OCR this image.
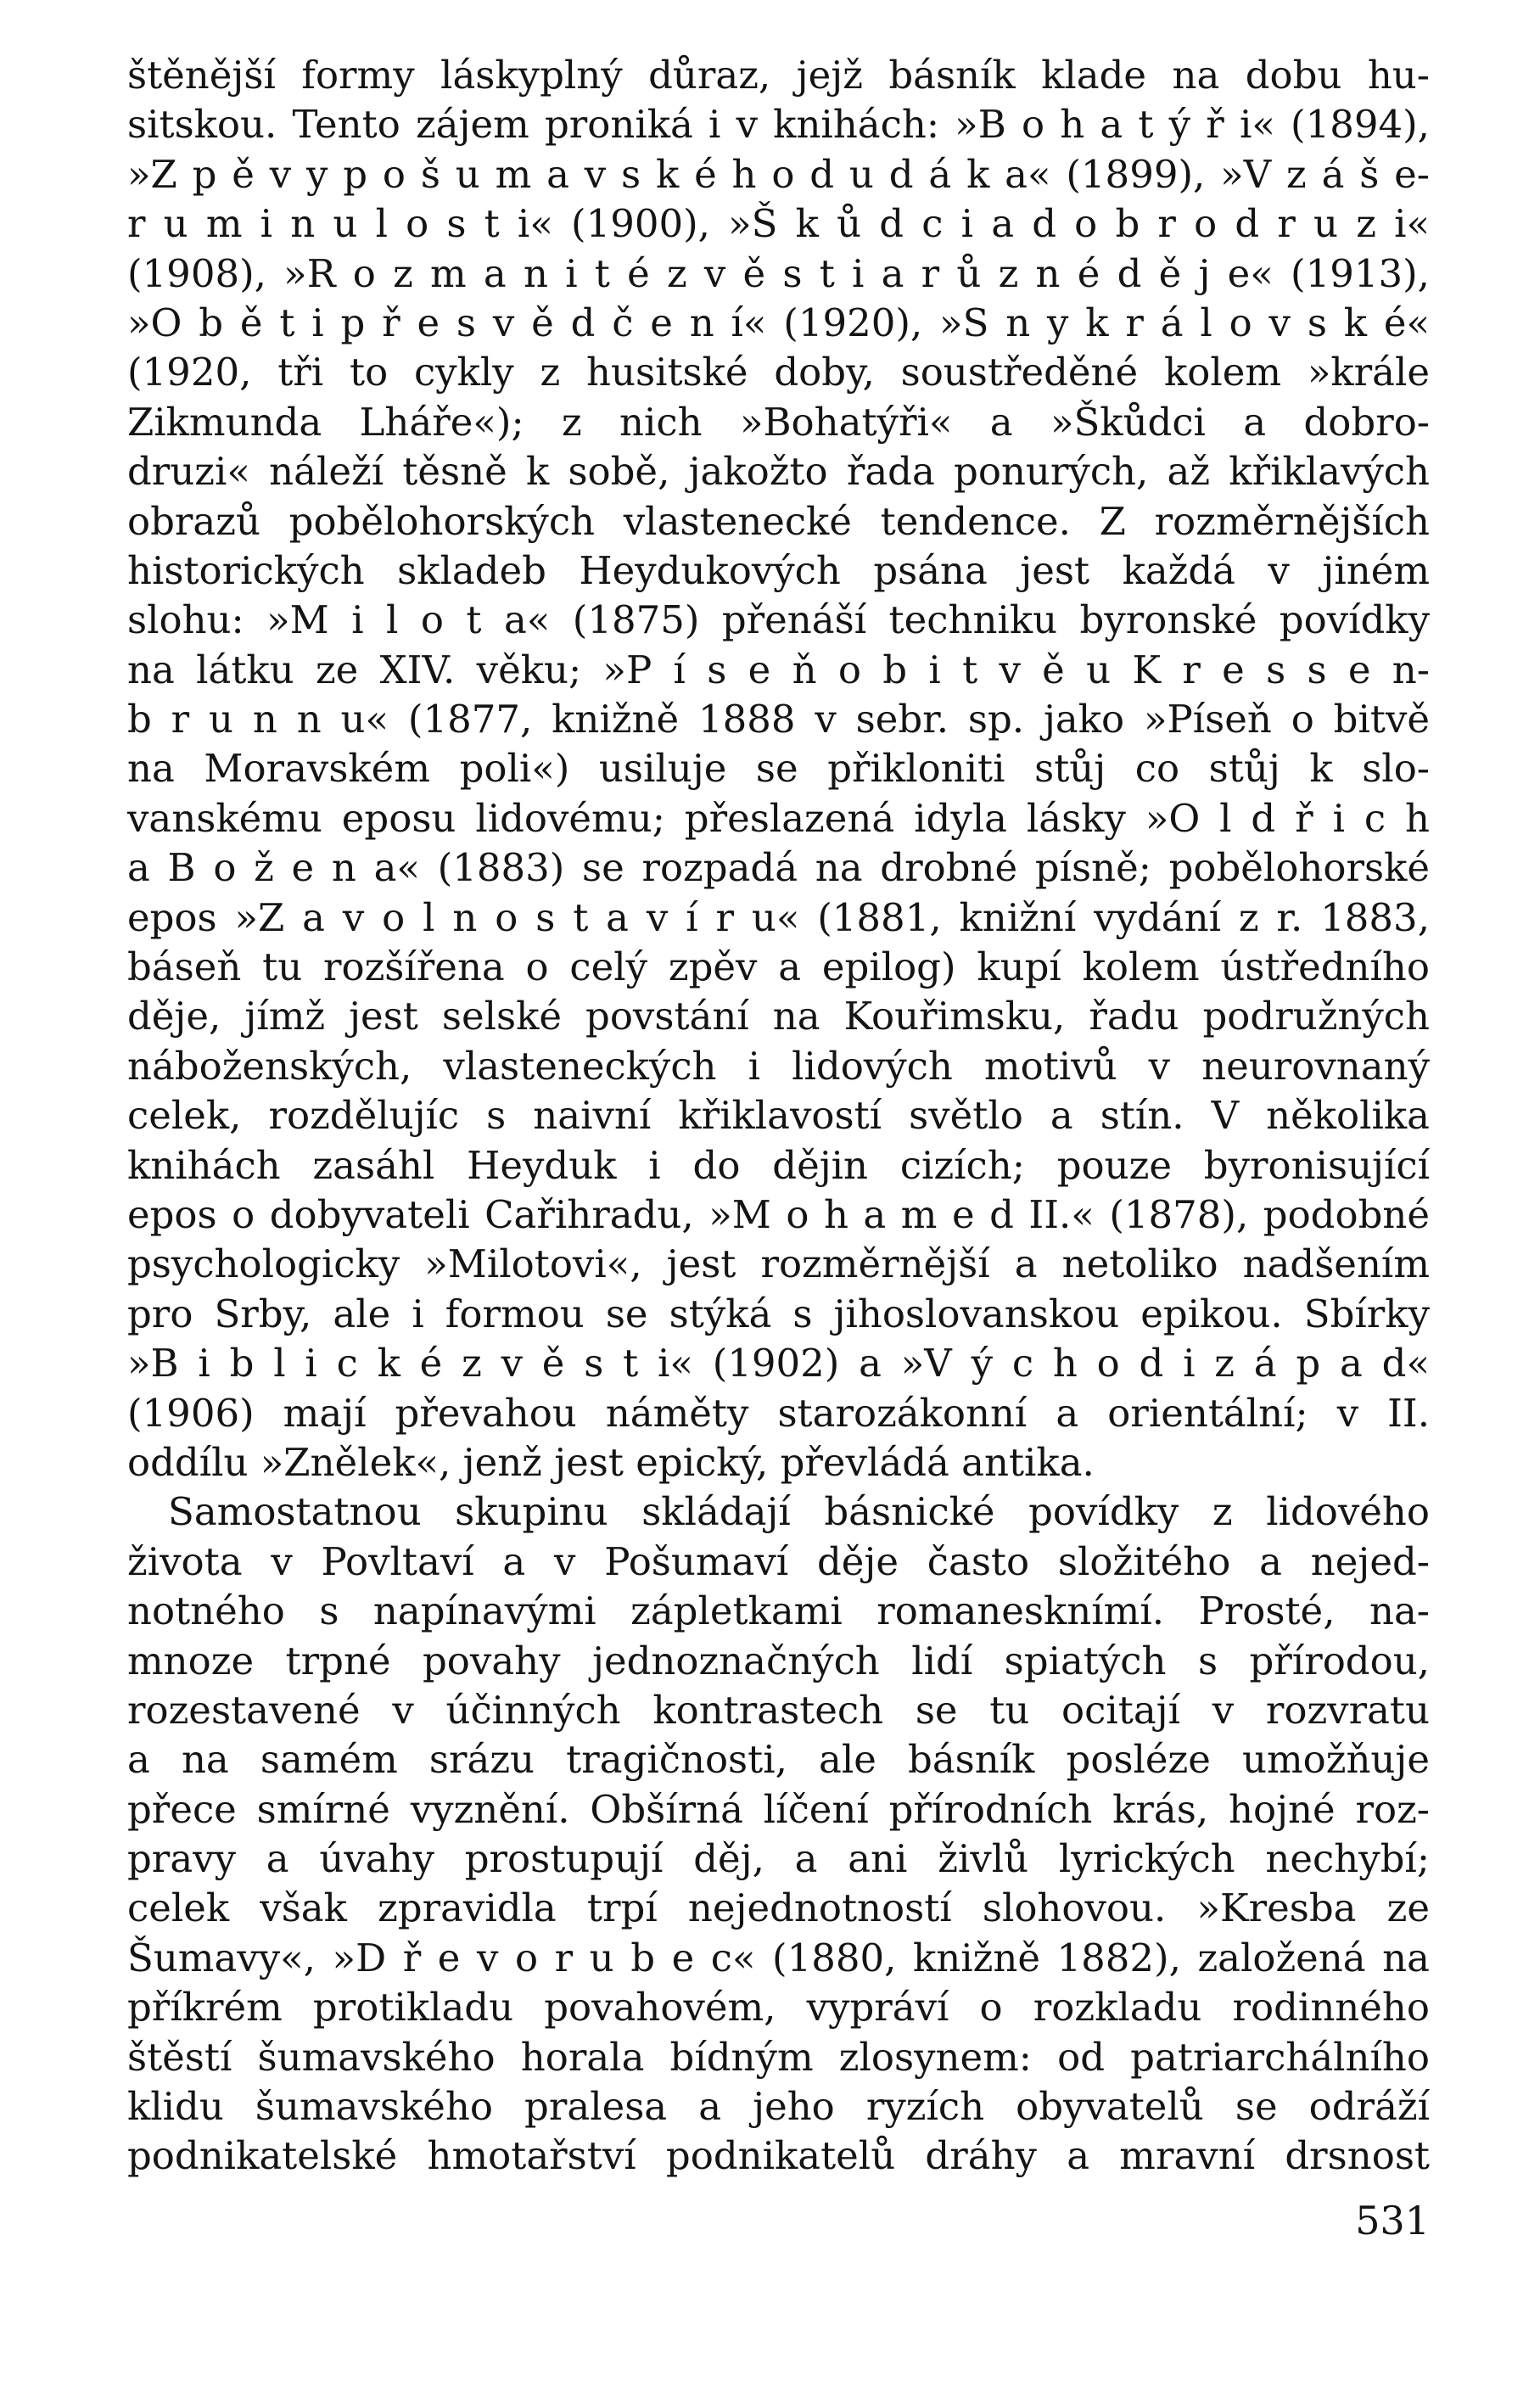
štěnější formy láskyplný důraz, jejž básník klade na dobu hu-
sitskou. Tento zájem proniká i v knihách: »B o h a t ý ř i« (1894),
»Z p ě v y p o š u m a v s k é h o d u d á k a« (1899), »V z á š e-
r u m i n u l o s t i« (1900), »Š k ů d c i a d o b r o d r u z i«
(1908), »R o z m a n i t é z v ě s t i a r ů z n é d ě j e« (1913),
»O b ě t i p ř e s v ě d č e n í« (1920), »S n y k r á l o v s k é«
(1920, tři to cykly z husitské doby, soustředěné kolem »krále
Zikmunda Lháře«); z nich »Bohatýři« a »Škůdci a dobro-
druzi« náleží těsně k sobě, jakožto řada ponurých, až křiklavých
obrazů pobělohorských vlastenecké tendence. Z rozměrnějších
historických skladeb Heydukových psána jest každá v jiném
slohu: »M i l o t a« (1875) přenáší techniku byronské povídky
na látku ze XIV. věku; »P í s e ň o b i t v ě u K r e s s e n-
b r u n n u« (1877, knižně 1888 v sebr. sp. jako »Píseň o bitvě
na Moravském poli«) usiluje se přikloniti stůj co stůj k slo-
vanskému eposu lidovému; přeslazená idyla lásky »O l d ř i c h
a B o ž e n a« (1883) se rozpadá na drobné písně; pobělohorské
epos »Z a v o l n o s t a v í r u« (1881, knižní vydání z r. 1883,
báseň tu rozšířena o celý zpěv a epilog) kupí kolem ústředního
děje, jímž jest selské povstání na Kouřimsku, řadu podružných
náboženských, vlasteneckých i lidových motivů v neurovnaný
celek, rozdělujíc s naivní křiklavostí světlo a stín. V několika
knihách zasáhl Heyduk i do dějin cizích; pouze byronisující
epos o dobyvateli Cařihradu, »M o h a m e d II.« (1878), podobné
psychologicky »Milotovi«, jest rozměrnější a netoliko nadšením
pro Srby, ale i formou se stýká s jihoslovanskou epikou. Sbírky
»B i b l i c k é z v ě s t i« (1902) a »V ý c h o d i z á p a d«
(1906) mají převahou náměty starozákonní a orientální; v II.
oddílu »Znělek«, jenž jest epický, převládá antika.
Samostatnou skupinu skládají básnické povídky z lidového
života v Povltaví a v Pošumaví děje často složitého a nejed-
notného s napínavými zápletkami romanesknímí. Prosté, na-
mnoze trpné povahy jednoznačných lidí spiatých s přírodou,
rozestavené v účinných kontrastech se tu ocitají v rozvratu
a na samém srázu tragičnosti, ale básník posléze umožňuje
přece smírné vyznění. Obšírná líčení přírodních krás, hojné roz-
pravy a úvahy prostupují děj, a ani živlů lyrických nechybí;
celek však zpravidla trpí nejednotností slohovou. »Kresba ze
Šumavy«, »D ř e v o r u b e c« (1880, knižně 1882), založená na
příkrém protikladu povahovém, vypráví o rozkladu rodinného
štěstí šumavského horala bídným zlosynem: od patriarchálního
klidu šumavského pralesa a jeho ryzích obyvatelů se odráží
podnikatelské hmotařství podnikatelů dráhy a mravní drsnost
531
